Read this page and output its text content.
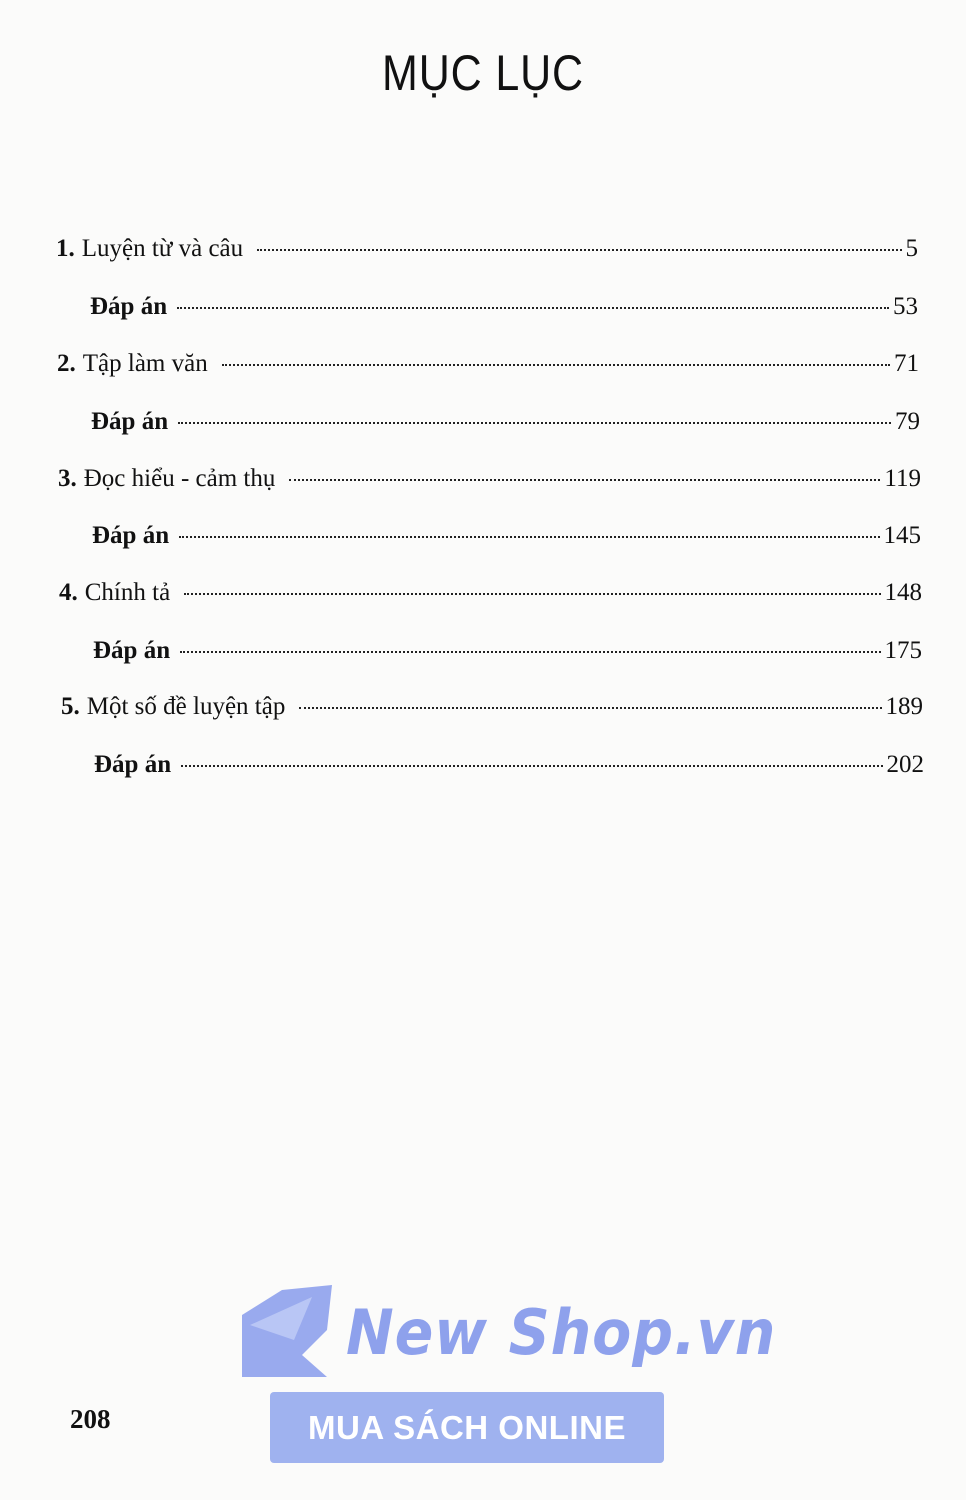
MỤC LỤC
1. Luyện từ và câu	5
Đáp án	53
2. Tập làm văn	71
Đáp án	79
3. Đọc hiểu - cảm thụ	119
Đáp án	145
4. Chính tả	148
Đáp án	175
5. Một số đề luyện tập	189
Đáp án	202
208
New Shop.vn
MUA SÁCH ONLINE
